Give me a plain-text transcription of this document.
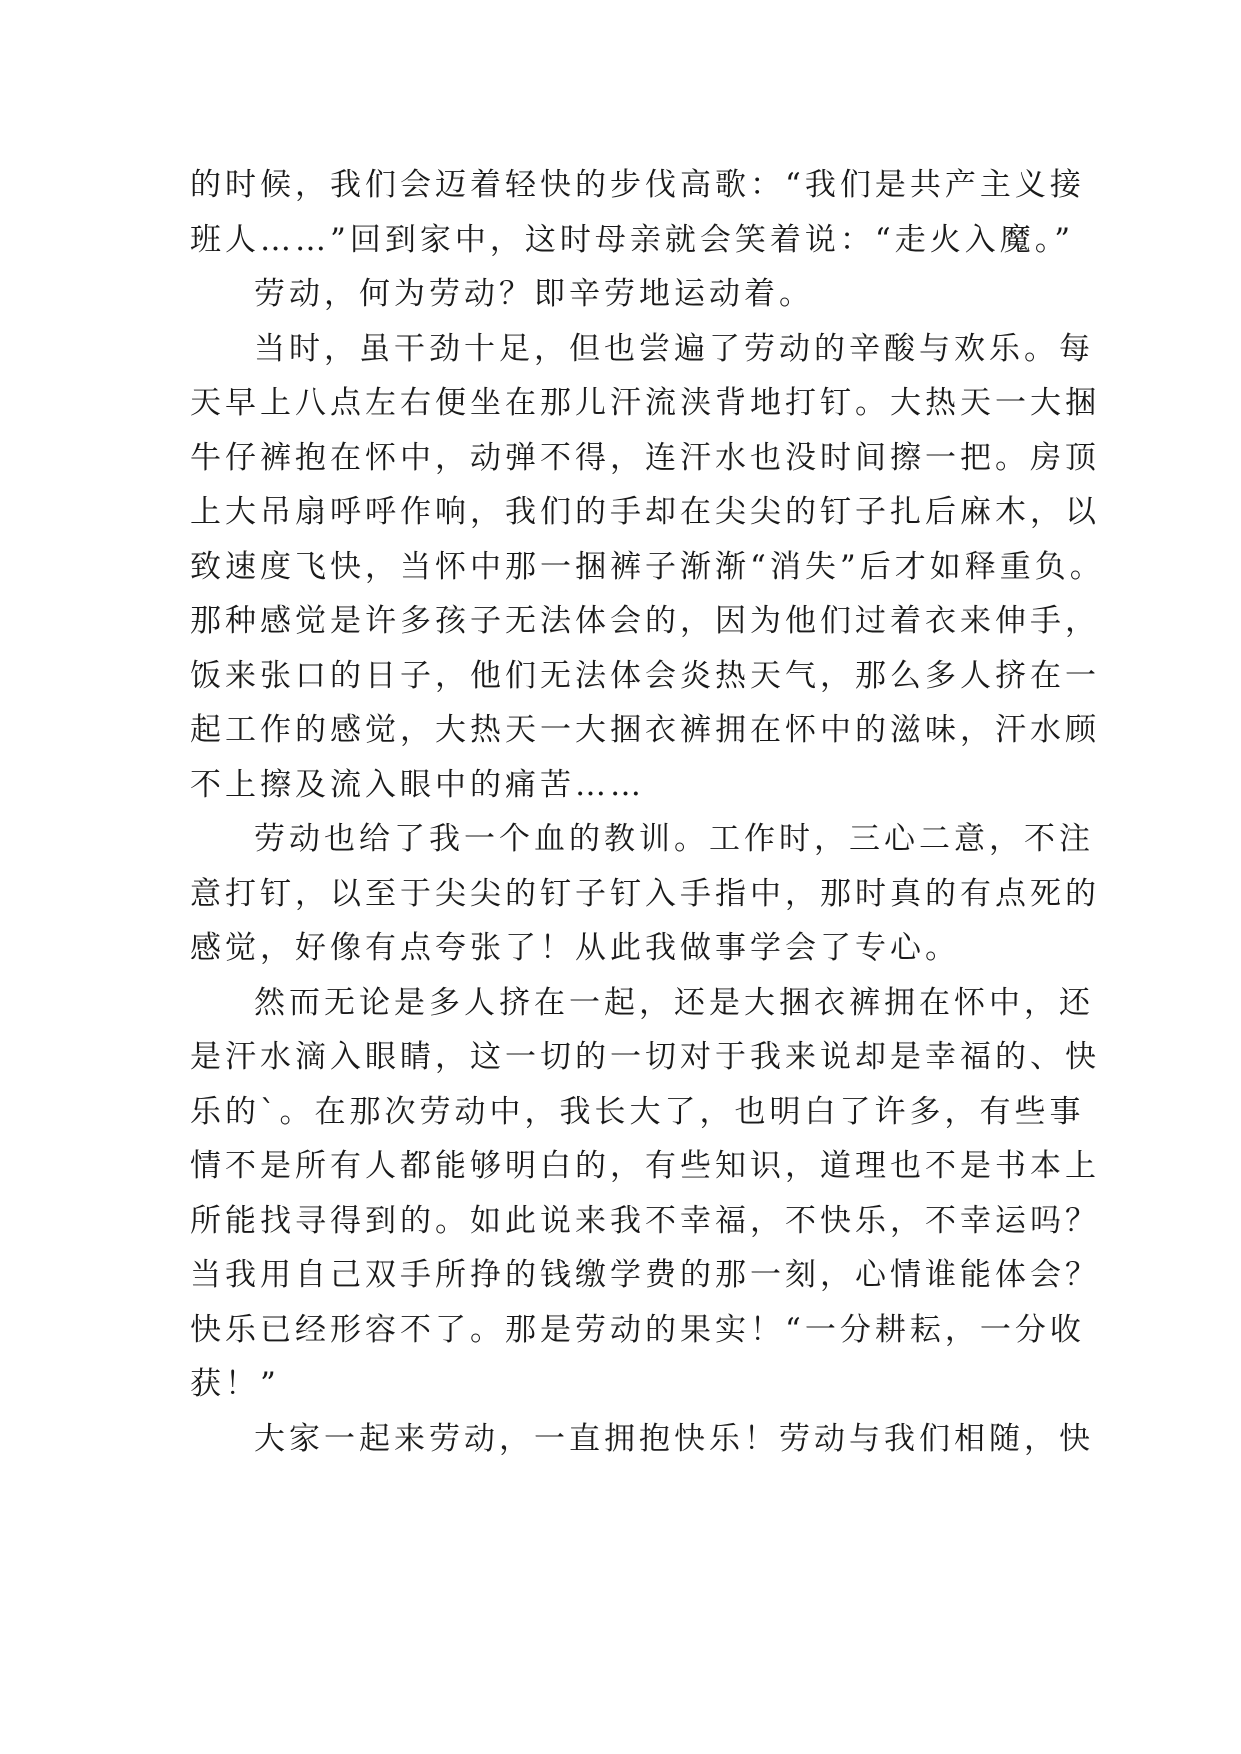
的时候，我们会迈着轻快的步伐高歌：“我们是共产主义接
班人……”回到家中，这时母亲就会笑着说：“走火入魔。”
劳动，何为劳动？即辛劳地运动着。
当时，虽干劲十足，但也尝遍了劳动的辛酸与欢乐。每
天早上八点左右便坐在那儿汗流浃背地打钉。大热天一大捆
牛仔裤抱在怀中，动弹不得，连汗水也没时间擦一把。房顶
上大吊扇呼呼作响，我们的手却在尖尖的钉子扎后麻木，以
致速度飞快，当怀中那一捆裤子渐渐“消失”后才如释重负。
那种感觉是许多孩子无法体会的，因为他们过着衣来伸手，
饭来张口的日子，他们无法体会炎热天气，那么多人挤在一
起工作的感觉，大热天一大捆衣裤拥在怀中的滋味，汗水顾
不上擦及流入眼中的痛苦……
劳动也给了我一个血的教训。工作时，三心二意，不注
意打钉，以至于尖尖的钉子钉入手指中，那时真的有点死的
感觉，好像有点夸张了！从此我做事学会了专心。
然而无论是多人挤在一起，还是大捆衣裤拥在怀中，还
是汗水滴入眼睛，这一切的一切对于我来说却是幸福的、快
乐的`。在那次劳动中，我长大了，也明白了许多，有些事
情不是所有人都能够明白的，有些知识，道理也不是书本上
所能找寻得到的。如此说来我不幸福，不快乐，不幸运吗？
当我用自己双手所挣的钱缴学费的那一刻，心情谁能体会？
快乐已经形容不了。那是劳动的果实！“一分耕耘，一分收
获！”
大家一起来劳动，一直拥抱快乐！劳动与我们相随，快
